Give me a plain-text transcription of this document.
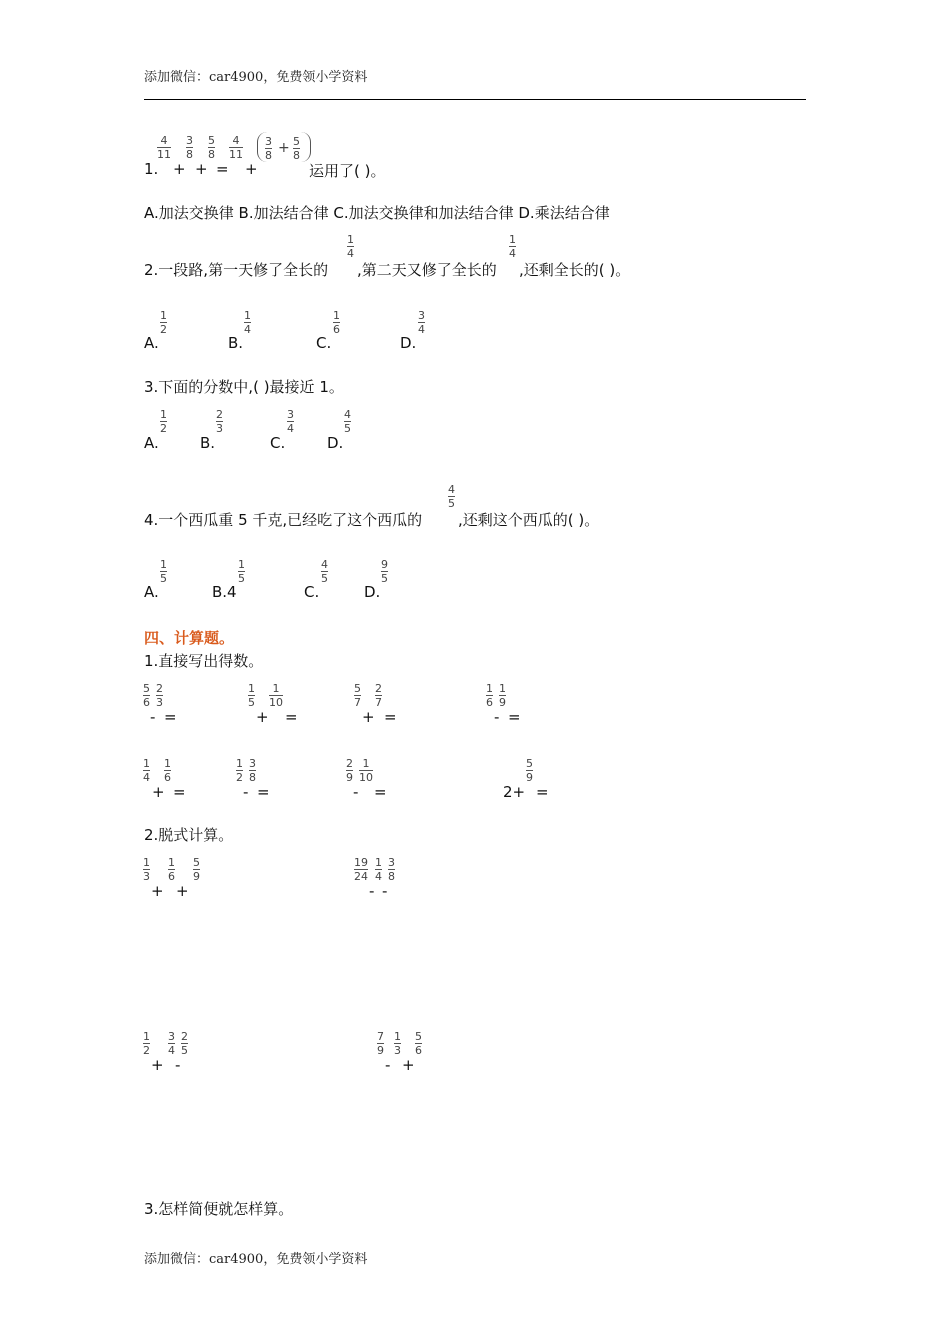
添加微信：car4900，免费领小学资料
1.
4
11
+
3
8
+
5
8
=
4
11
+
3
8 + 5
8
运用了( )。
A.加法交换律 B.加法结合律 C.加法交换律和加法结合律 D.乘法结合律
2.一段路,第一天修了全长的
1
4
,第二天又修了全长的
1
4
,还剩全长的( )。
A.
1
2
B.
1
4
C.
1
6
D.
3
4
3.下面的分数中,( )最接近 1。
A.
1
2
B.
2
3
C.
3
4
D.
4
5
4.一个西瓜重 5 千克,已经吃了这个西瓜的
4
5
,还剩这个西瓜的( )。
A.
1
5
B.4
1
5
C.
4
5
D.
9
5
四、计算题。
1.直接写出得数。
5
6
2
3
- =
1
5
1
10
+ =
5
7
2
7
+ =
1
6
1
9
- =
1
4
1
6
+ =
1
2
3
8
- =
2
9
1
10
- =	2+
5
9
=
2.脱式计算。
1
3
1
6
5
9
+ +
19
24
1
4
3
8
- -
1
2
3
4
2
5
+ -
7
9
1
3
5
6
- +
3.怎样简便就怎样算。
添加微信：car4900，免费领小学资料
